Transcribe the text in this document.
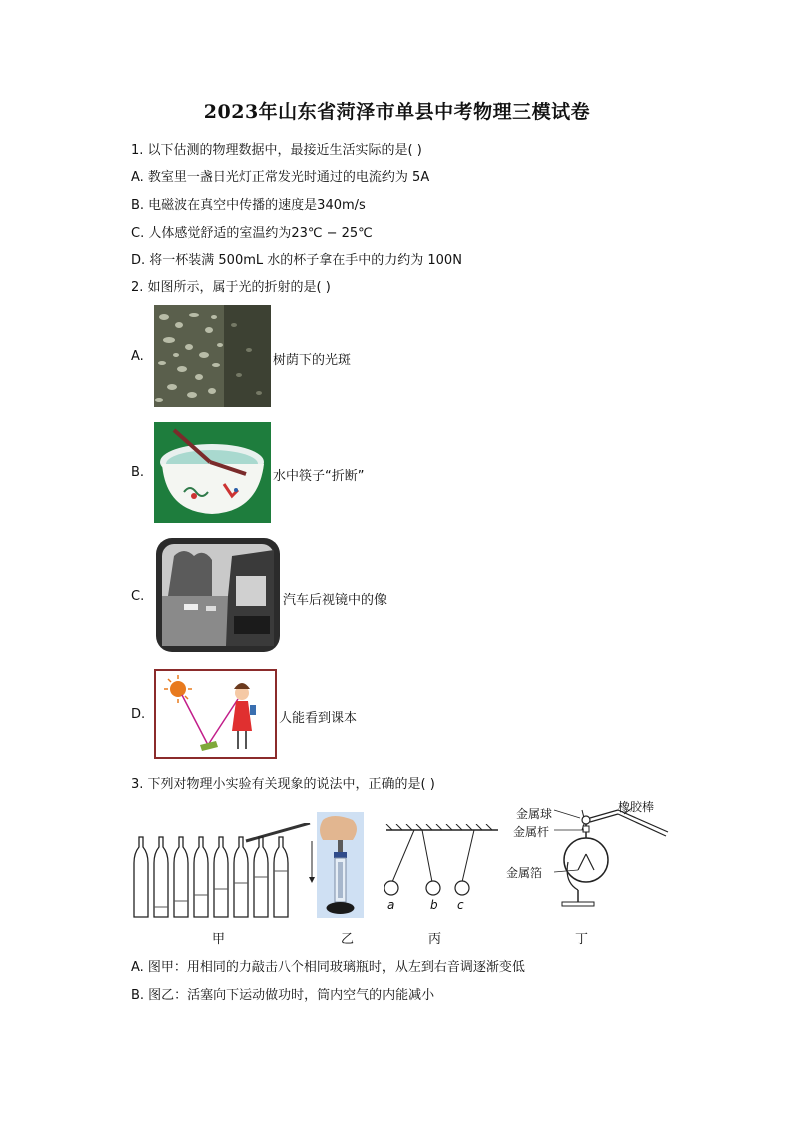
2023年山东省菏泽市单县中考物理三模试卷
1. 以下估测的物理数据中，最接近生活实际的是( )
A. 教室里一盏日光灯正常发光时通过的电流约为 5A
B. 电磁波在真空中传播的速度是340m/s
C. 人体感觉舒适的室温约为23℃ − 25℃
D. 将一杯装满 500mL 水的杯子拿在手中的力约为 100N
2. 如图所示，属于光的折射的是( )
A.	树荫下的光斑
B.	水中筷子“折断”
C.	汽车后视镜中的像
D.	人能看到课本
3. 下列对物理小实验有关现象的说法中，正确的是( )
甲	乙
a	b c
丙
金属球
金属杆
金属箔
橡胶棒
丁
A. 图甲：用相同的力敲击八个相同玻璃瓶时，从左到右音调逐渐变低
B. 图乙：活塞向下运动做功时，筒内空气的内能减小
